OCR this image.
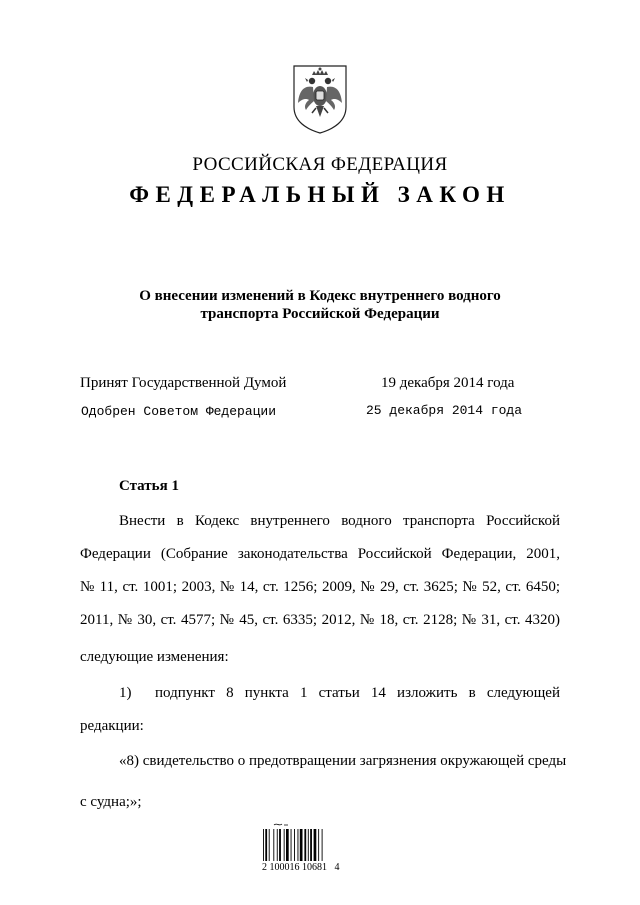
РОССИЙСКАЯ ФЕДЕРАЦИЯ
ФЕДЕРАЛЬНЫЙ ЗАКОН
О внесении изменений в Кодекс внутреннего водного
транспорта Российской Федерации
Принят Государственной Думой	19 декабря 2014 года
Одобрен Советом Федерации	25 декабря 2014 года
Статья 1
Внести в Кодекс внутреннего водного транспорта Российской
Федерации (Собрание законодательства Российской Федерации, 2001,
№ 11, ст. 1001; 2003, № 14, ст. 1256; 2009, № 29, ст. 3625; № 52, ст. 6450;
2011, № 30, ст. 4577; № 45, ст. 6335; 2012, № 18, ст. 2128; № 31, ст. 4320)
следующие изменения:
1) подпункт 8 пункта 1 статьи 14 изложить в следующей
редакции:
«8) свидетельство о предотвращении загрязнения окружающей среды
с судна;»;
2 100016 10681   4
